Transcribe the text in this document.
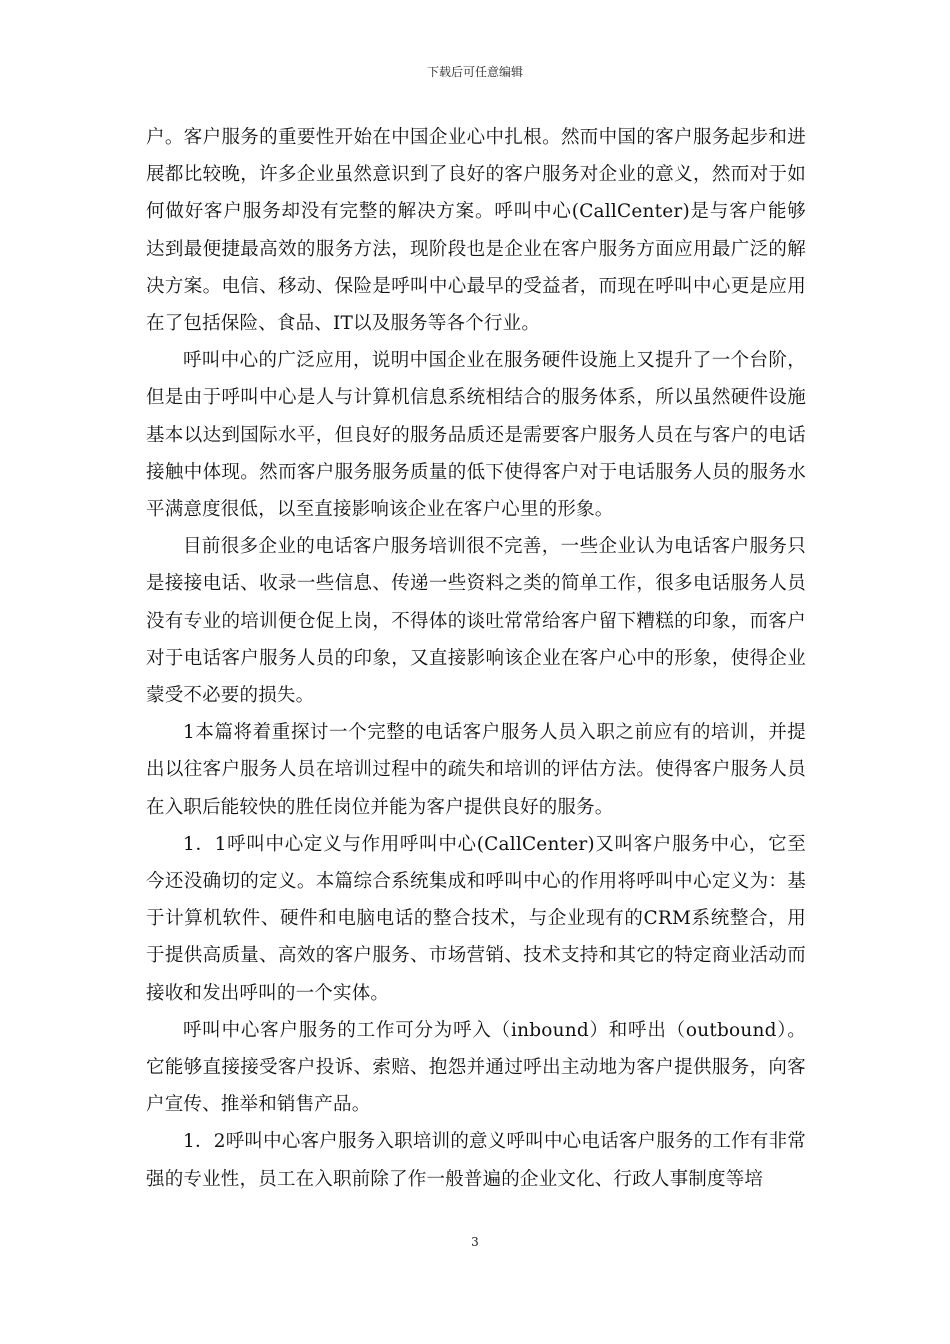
下载后可任意编辑

户。客户服务的重要性开始在中国企业心中扎根。然而中国的客户服务起步和进展都比较晚，许多企业虽然意识到了良好的客户服务对企业的意义，然而对于如何做好客户服务却没有完整的解决方案。呼叫中心(CallCenter)是与客户能够达到最便捷最高效的服务方法，现阶段也是企业在客户服务方面应用最广泛的解决方案。电信、移动、保险是呼叫中心最早的受益者，而现在呼叫中心更是应用在了包括保险、食品、IT以及服务等各个行业。

呼叫中心的广泛应用，说明中国企业在服务硬件设施上又提升了一个台阶，但是由于呼叫中心是人与计算机信息系统相结合的服务体系，所以虽然硬件设施基本以达到国际水平，但良好的服务品质还是需要客户服务人员在与客户的电话接触中体现。然而客户服务服务质量的低下使得客户对于电话服务人员的服务水平满意度很低，以至直接影响该企业在客户心里的形象。

目前很多企业的电话客户服务培训很不完善，一些企业认为电话客户服务只是接接电话、收录一些信息、传递一些资料之类的简单工作，很多电话服务人员没有专业的培训便仓促上岗，不得体的谈吐常常给客户留下糟糕的印象，而客户对于电话客户服务人员的印象，又直接影响该企业在客户心中的形象，使得企业蒙受不必要的损失。

1本篇将着重探讨一个完整的电话客户服务人员入职之前应有的培训，并提出以往客户服务人员在培训过程中的疏失和培训的评估方法。使得客户服务人员在入职后能较快的胜任岗位并能为客户提供良好的服务。

1．1呼叫中心定义与作用呼叫中心(CallCenter)又叫客户服务中心，它至今还没确切的定义。本篇综合系统集成和呼叫中心的作用将呼叫中心定义为：基于计算机软件、硬件和电脑电话的整合技术，与企业现有的CRM系统整合，用于提供高质量、高效的客户服务、市场营销、技术支持和其它的特定商业活动而接收和发出呼叫的一个实体。

呼叫中心客户服务的工作可分为呼入（inbound）和呼出（outbound）。它能够直接接受客户投诉、索赔、抱怨并通过呼出主动地为客户提供服务，向客户宣传、推举和销售产品。

1．2呼叫中心客户服务入职培训的意义呼叫中心电话客户服务的工作有非常强的专业性，员工在入职前除了作一般普遍的企业文化、行政人事制度等培

3
